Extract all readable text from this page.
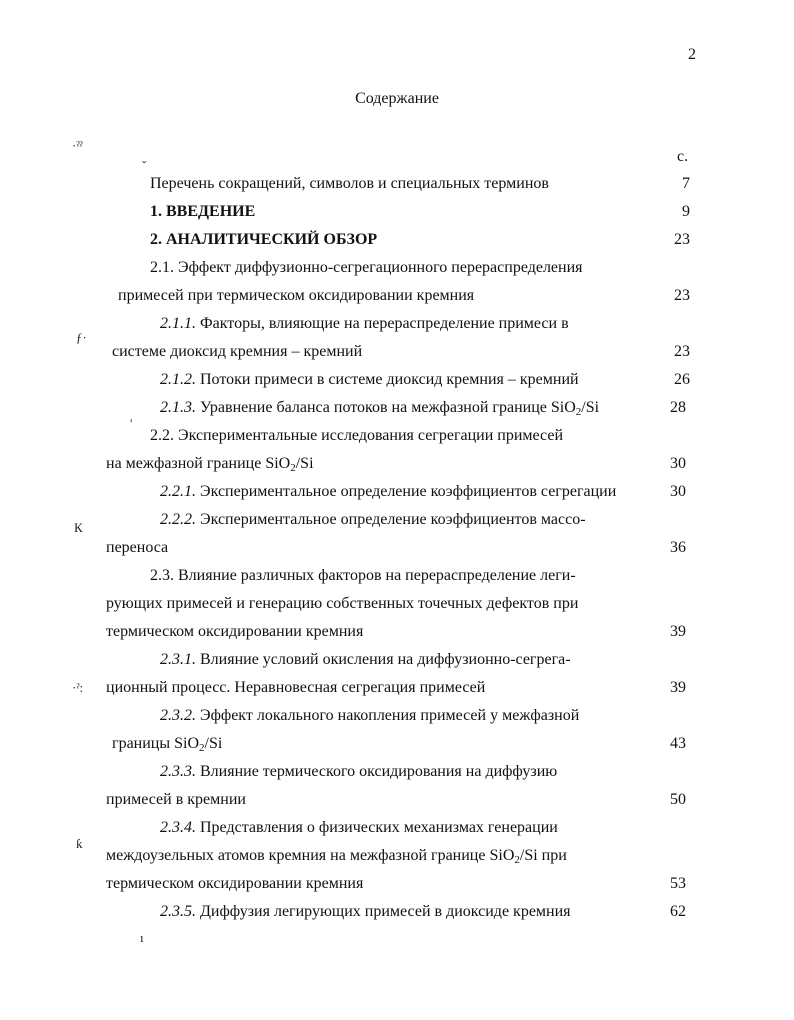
2
Содержание
с.
·ˀˀ
ˇ
ƒ·
'
К
·ˀ:
ƙ
ı
Перечень сокращений, символов и специальных терминов	7
1. ВВЕДЕНИЕ	9
2. АНАЛИТИЧЕСКИЙ ОБЗОР	23
2.1. Эффект диффузионно-сегрегационного перераспределения
примесей при термическом оксидировании кремния	23
2.1.1. Факторы, влияющие на перераспределение примеси в
системе диоксид кремния – кремний	23
2.1.2. Потоки примеси в системе диоксид кремния – кремний	26
2.1.3. Уравнение баланса потоков на межфазной границе SiO$_2$/Si	28
2.2. Экспериментальные исследования сегрегации примесей
на межфазной границе SiO$_2$/Si	30
2.2.1. Экспериментальное определение коэффициентов сегрегации	30
2.2.2. Экспериментальное определение коэффициентов массо-
переноса	36
2.3. Влияние различных факторов на перераспределение леги-
рующих примесей и генерацию собственных точечных дефектов при
термическом оксидировании кремния	39
2.3.1. Влияние условий окисления на диффузионно-сегрега-
ционный процесс. Неравновесная сегрегация примесей	39
2.3.2. Эффект локального накопления примесей у межфазной
границы SiO$_2$/Si	43
2.3.3. Влияние термического оксидирования на диффузию
примесей в кремнии	50
2.3.4. Представления о физических механизмах генерации
междоузельных атомов кремния на межфазной границе SiO$_2$/Si при
термическом оксидировании кремния	53
2.3.5. Диффузия легирующих примесей в диоксиде кремния	62
